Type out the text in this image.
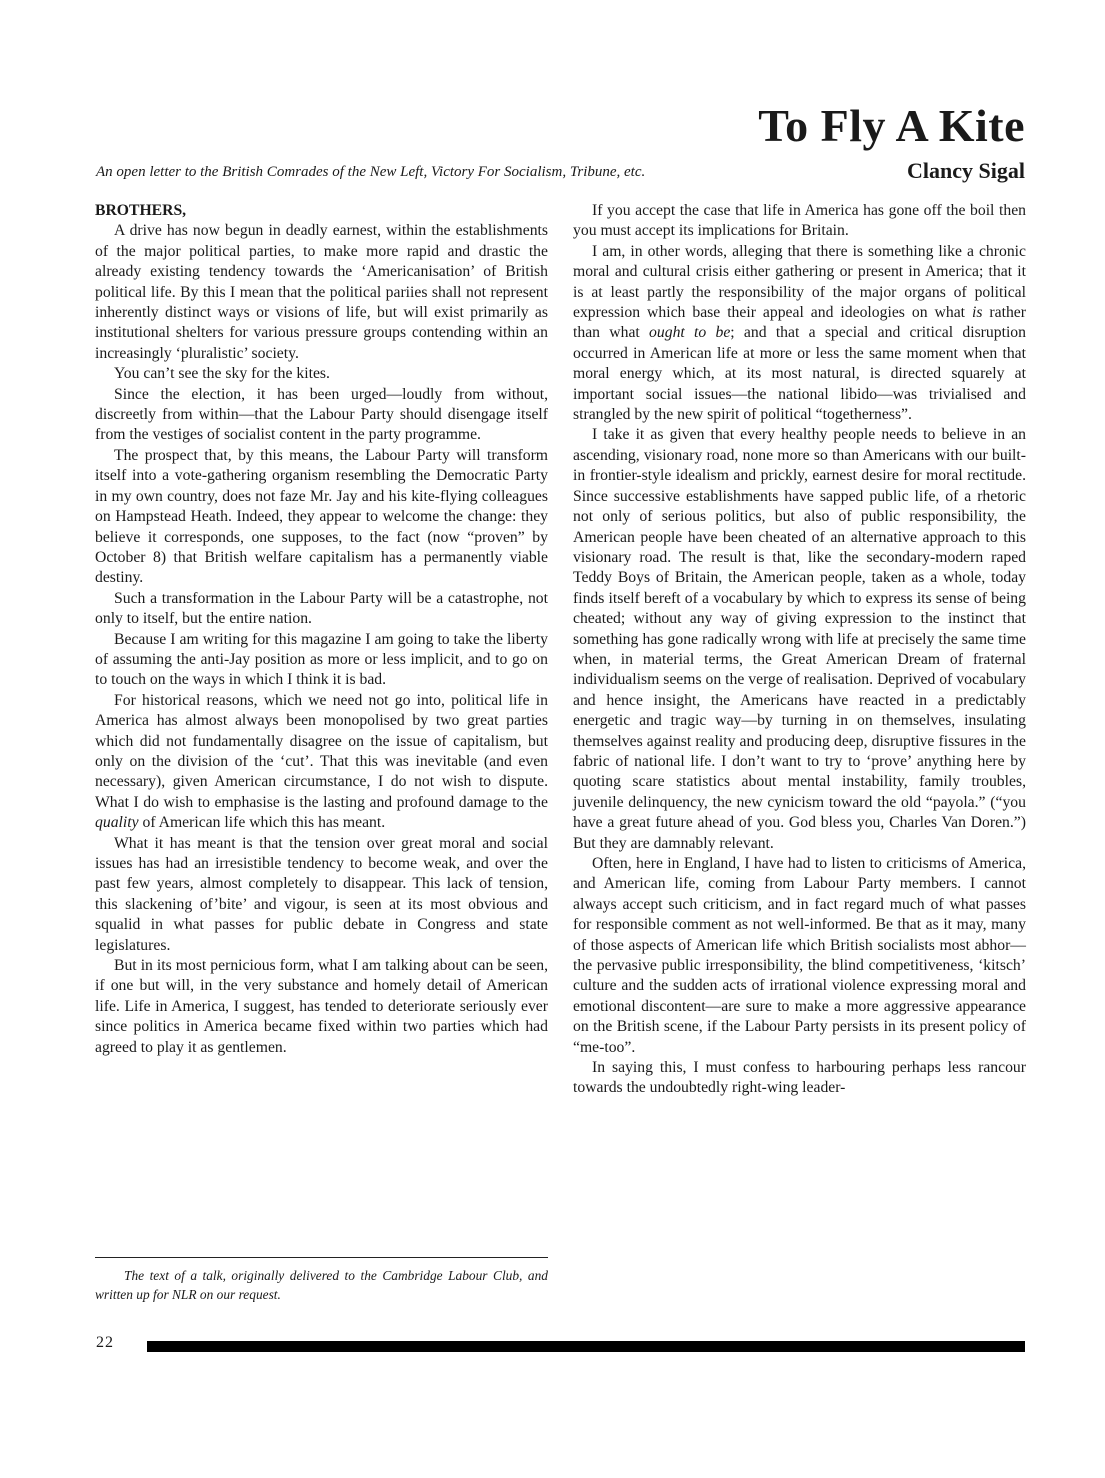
To Fly A Kite
An open letter to the British Comrades of the New Left, Victory For Socialism, Tribune, etc.	Clancy Sigal
BROTHERS,

A drive has now begun in deadly earnest, within the establishments of the major political parties, to make more rapid and drastic the already existing tendency towards the ‘Americanisation’ of British political life. By this I mean that the political pariies shall not represent inherently distinct ways or visions of life, but will exist primarily as institutional shelters for various pressure groups contending within an increasingly ‘pluralistic’ society.

You can’t see the sky for the kites.

Since the election, it has been urged—loudly from without, discreetly from within—that the Labour Party should disengage itself from the vestiges of socialist content in the party programme.

The prospect that, by this means, the Labour Party will transform itself into a vote-gathering organism resembling the Democratic Party in my own country, does not faze Mr. Jay and his kite-flying colleagues on Hampstead Heath. Indeed, they appear to welcome the change: they believe it corresponds, one supposes, to the fact (now “proven” by October 8) that British welfare capitalism has a permanently viable destiny.

Such a transformation in the Labour Party will be a catastrophe, not only to itself, but the entire nation.

Because I am writing for this magazine I am going to take the liberty of assuming the anti-Jay position as more or less implicit, and to go on to touch on the ways in which I think it is bad.

For historical reasons, which we need not go into, political life in America has almost always been monopolised by two great parties which did not fundamentally disagree on the issue of capitalism, but only on the division of the ‘cut’. That this was inevitable (and even necessary), given American circumstance, I do not wish to dispute. What I do wish to emphasise is the lasting and profound damage to the quality of American life which this has meant.

What it has meant is that the tension over great moral and social issues has had an irresistible tendency to become weak, and over the past few years, almost completely to disappear. This lack of tension, this slackening of’bite’ and vigour, is seen at its most obvious and squalid in what passes for public debate in Congress and state legislatures.

But in its most pernicious form, what I am talking about can be seen, if one but will, in the very substance and homely detail of American life. Life in America, I suggest, has tended to deteriorate seriously ever since politics in America became fixed within two parties which had agreed to play it as gentlemen.

The text of a talk, originally delivered to the Cambridge Labour Club, and written up for NLR on our request.

If you accept the case that life in America has gone off the boil then you must accept its implications for Britain.

I am, in other words, alleging that there is something like a chronic moral and cultural crisis either gathering or present in America; that it is at least partly the responsibility of the major organs of political expression which base their appeal and ideologies on what is rather than what ought to be; and that a special and critical disruption occurred in American life at more or less the same moment when that moral energy which, at its most natural, is directed squarely at important social issues—the national libido—was trivialised and strangled by the new spirit of political “togetherness”.

I take it as given that every healthy people needs to believe in an ascending, visionary road, none more so than Americans with our built-in frontier-style idealism and prickly, earnest desire for moral rectitude. Since successive establishments have sapped public life, of a rhetoric not only of serious politics, but also of public responsibility, the American people have been cheated of an alternative approach to this visionary road. The result is that, like the secondary-modern raped Teddy Boys of Britain, the American people, taken as a whole, today finds itself bereft of a vocabulary by which to express its sense of being cheated; without any way of giving expression to the instinct that something has gone radically wrong with life at precisely the same time when, in material terms, the Great American Dream of fraternal individualism seems on the verge of realisation. Deprived of vocabulary and hence insight, the Americans have reacted in a predictably energetic and tragic way—by turning in on themselves, insulating themselves against reality and producing deep, disruptive fissures in the fabric of national life. I don’t want to try to ‘prove’ anything here by quoting scare statistics about mental instability, family troubles, juvenile delinquency, the new cynicism toward the old “payola.” (“you have a great future ahead of you. God bless you, Charles Van Doren.”) But they are damnably relevant.

Often, here in England, I have had to listen to criticisms of America, and American life, coming from Labour Party members. I cannot always accept such criticism, and in fact regard much of what passes for responsible comment as not well-informed. Be that as it may, many of those aspects of American life which British socialists most abhor—the pervasive public irresponsibility, the blind competitiveness, ‘kitsch’ culture and the sudden acts of irrational violence expressing moral and emotional discontent—are sure to make a more aggressive appearance on the British scene, if the Labour Party persists in its present policy of “me-too”.

In saying this, I must confess to harbouring perhaps less rancour towards the undoubtedly right-wing leader-

22
